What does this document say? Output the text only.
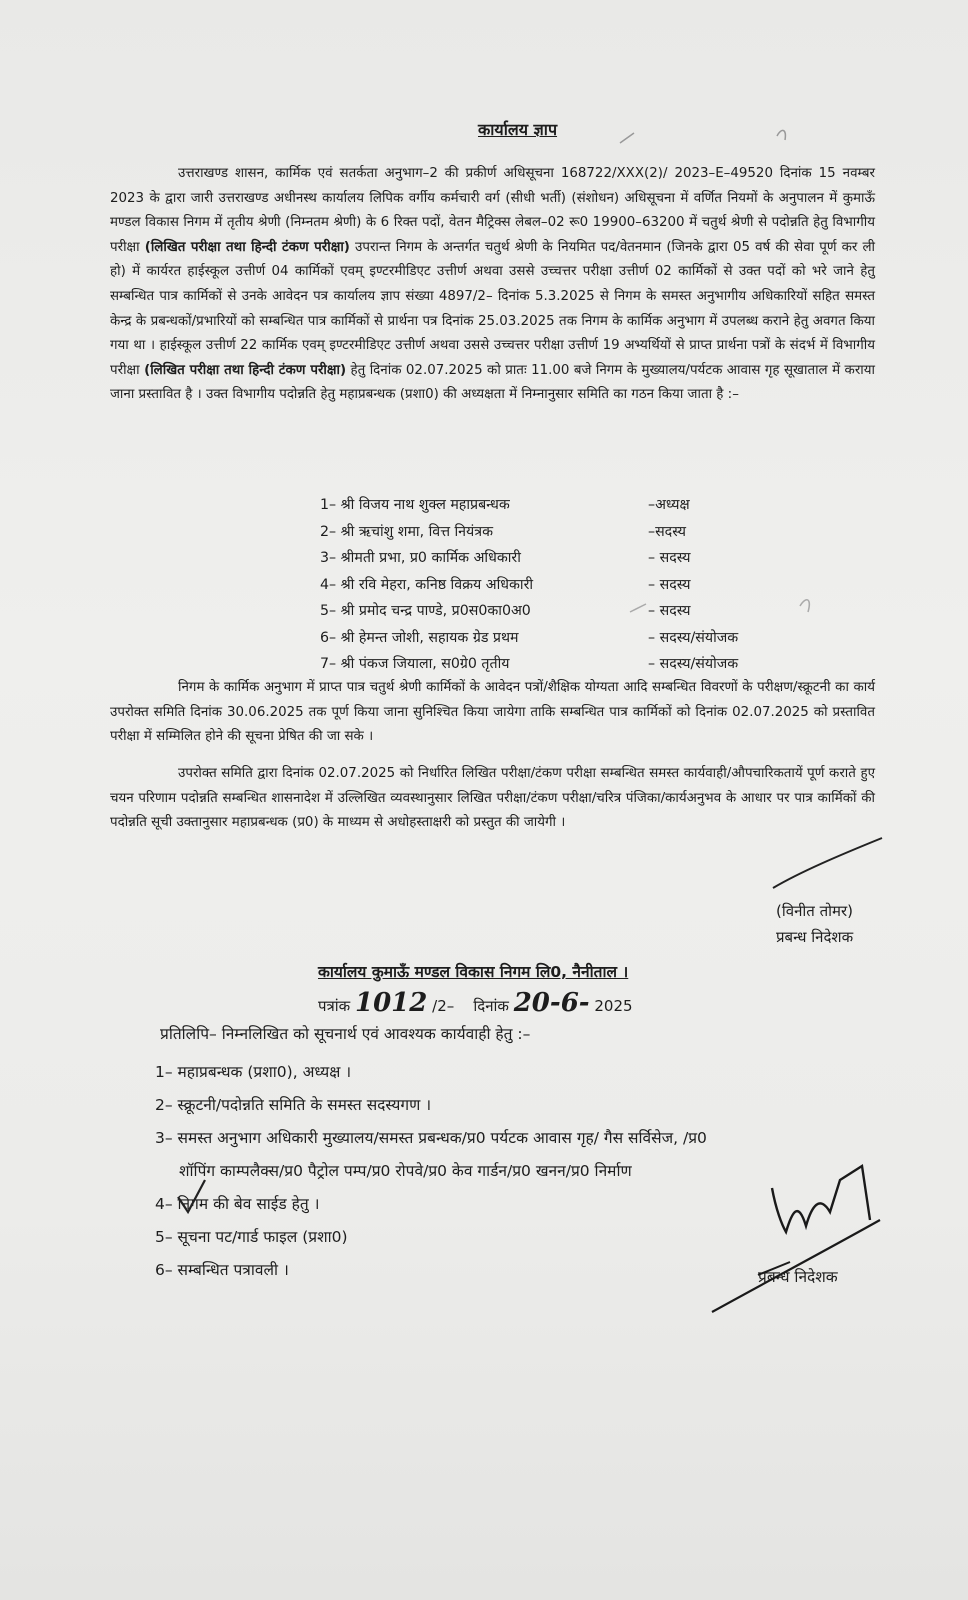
कार्यालय ज्ञाप

उत्तराखण्ड शासन, कार्मिक एवं सतर्कता अनुभाग–2 की प्रकीर्ण अधिसूचना 168722/XXX(2)/ 2023–E–49520 दिनांक 15 नवम्बर 2023 के द्वारा जारी उत्तराखण्ड अधीनस्थ कार्यालय लिपिक वर्गीय कर्मचारी वर्ग (सीधी भर्ती) (संशोधन) अधिसूचना में वर्णित नियमों के अनुपालन में कुमाऊँ मण्डल विकास निगम में तृतीय श्रेणी (निम्नतम श्रेणी) के 6 रिक्त पदों, वेतन मैट्रिक्स लेबल–02 रू0 19900–63200 में चतुर्थ श्रेणी से पदोन्नति हेतु विभागीय परीक्षा (लिखित परीक्षा तथा हिन्दी टंकण परीक्षा) उपरान्त निगम के अन्तर्गत चतुर्थ श्रेणी के नियमित पद/वेतनमान (जिनके द्वारा 05 वर्ष की सेवा पूर्ण कर ली हो) में कार्यरत हाईस्कूल उत्तीर्ण 04 कार्मिकों एवम् इण्टरमीडिएट उत्तीर्ण अथवा उससे उच्चत्तर परीक्षा उत्तीर्ण 02 कार्मिकों से उक्त पदों को भरे जाने हेतु सम्बन्धित पात्र कार्मिकों से उनके आवेदन पत्र कार्यालय ज्ञाप संख्या 4897/2– दिनांक 5.3.2025 से निगम के समस्त अनुभागीय अधिकारियों सहित समस्त केन्द्र के प्रबन्धकों/प्रभारियों को सम्बन्धित पात्र कार्मिकों से प्रार्थना पत्र दिनांक 25.03.2025 तक निगम के कार्मिक अनुभाग में उपलब्ध कराने हेतु अवगत किया गया था । हाईस्कूल उत्तीर्ण 22 कार्मिक एवम् इण्टरमीडिएट उत्तीर्ण अथवा उससे उच्चत्तर परीक्षा उत्तीर्ण 19 अभ्यर्थियों से प्राप्त प्रार्थना पत्रों के संदर्भ में विभागीय परीक्षा (लिखित परीक्षा तथा हिन्दी टंकण परीक्षा) हेतु दिनांक 02.07.2025 को प्रातः 11.00 बजे निगम के मुख्यालय/पर्यटक आवास गृह सूखाताल में कराया जाना प्रस्तावित है । उक्त विभागीय पदोन्नति हेतु महाप्रबन्धक (प्रशा0) की अध्यक्षता में निम्नानुसार समिति का गठन किया जाता है :–

1– श्री विजय नाथ शुक्ल महाप्रबन्धक	–अध्यक्ष
2– श्री ऋचांशु शमा, वित्त नियंत्रक	–सदस्य
3– श्रीमती प्रभा, प्र0 कार्मिक अधिकारी	– सदस्य
4– श्री रवि मेहरा, कनिष्ठ विक्रय अधिकारी	– सदस्य
5– श्री प्रमोद चन्द्र पाण्डे, प्र0स0का0अ0	– सदस्य
6– श्री हेमन्त जोशी, सहायक ग्रेड प्रथम	– सदस्य/संयोजक
7– श्री पंकज जियाला, स0ग्रे0 तृतीय	– सदस्य/संयोजक

निगम के कार्मिक अनुभाग में प्राप्त पात्र चतुर्थ श्रेणी कार्मिकों के आवेदन पत्रों/शैक्षिक योग्यता आदि सम्बन्धित विवरणों के परीक्षण/स्क्रूटनी का कार्य उपरोक्त समिति दिनांक 30.06.2025 तक पूर्ण किया जाना सुनिश्चित किया जायेगा ताकि सम्बन्धित पात्र कार्मिकों को दिनांक 02.07.2025 को प्रस्तावित परीक्षा में सम्मिलित होने की सूचना प्रेषित की जा सके ।

उपरोक्त समिति द्वारा दिनांक 02.07.2025 को निर्धारित लिखित परीक्षा/टंकण परीक्षा सम्बन्धित समस्त कार्यवाही/औपचारिकतायें पूर्ण कराते हुए चयन परिणाम पदोन्नति सम्बन्धित शासनादेश में उल्लिखित व्यवस्थानुसार लिखित परीक्षा/टंकण परीक्षा/चरित्र पंजिका/कार्यअनुभव के आधार पर पात्र कार्मिकों की पदोन्नति सूची उक्तानुसार महाप्रबन्धक (प्र0) के माध्यम से अधोहस्ताक्षरी को प्रस्तुत की जायेगी ।

(विनीत तोमर)
प्रबन्ध निदेशक
कार्यालय कुमाऊँ मण्डल विकास निगम लि0, नैनीताल ।
पत्रांक 1012 /2– दिनांक 20-6- 2025
प्रतिलिपि– निम्नलिखित को सूचनार्थ एवं आवश्यक कार्यवाही हेतु :–
1– महाप्रबन्धक (प्रशा0), अध्यक्ष ।
2– स्क्रूटनी/पदोन्नति समिति के समस्त सदस्यगण ।
3– समस्त अनुभाग अधिकारी मुख्यालय/समस्त प्रबन्धक/प्र0 पर्यटक आवास गृह/ गैस सर्विसेज, /प्र0
शॉपिंग काम्पलैक्स/प्र0 पैट्रोल पम्प/प्र0 रोपवे/प्र0 केव गार्डन/प्र0 खनन/प्र0 निर्माण
4– निगम की बेव साईड हेतु ।
5– सूचना पट/गार्ड फाइल (प्रशा0)
6– सम्बन्धित पत्रावली ।	प्रबन्ध निदेशक
